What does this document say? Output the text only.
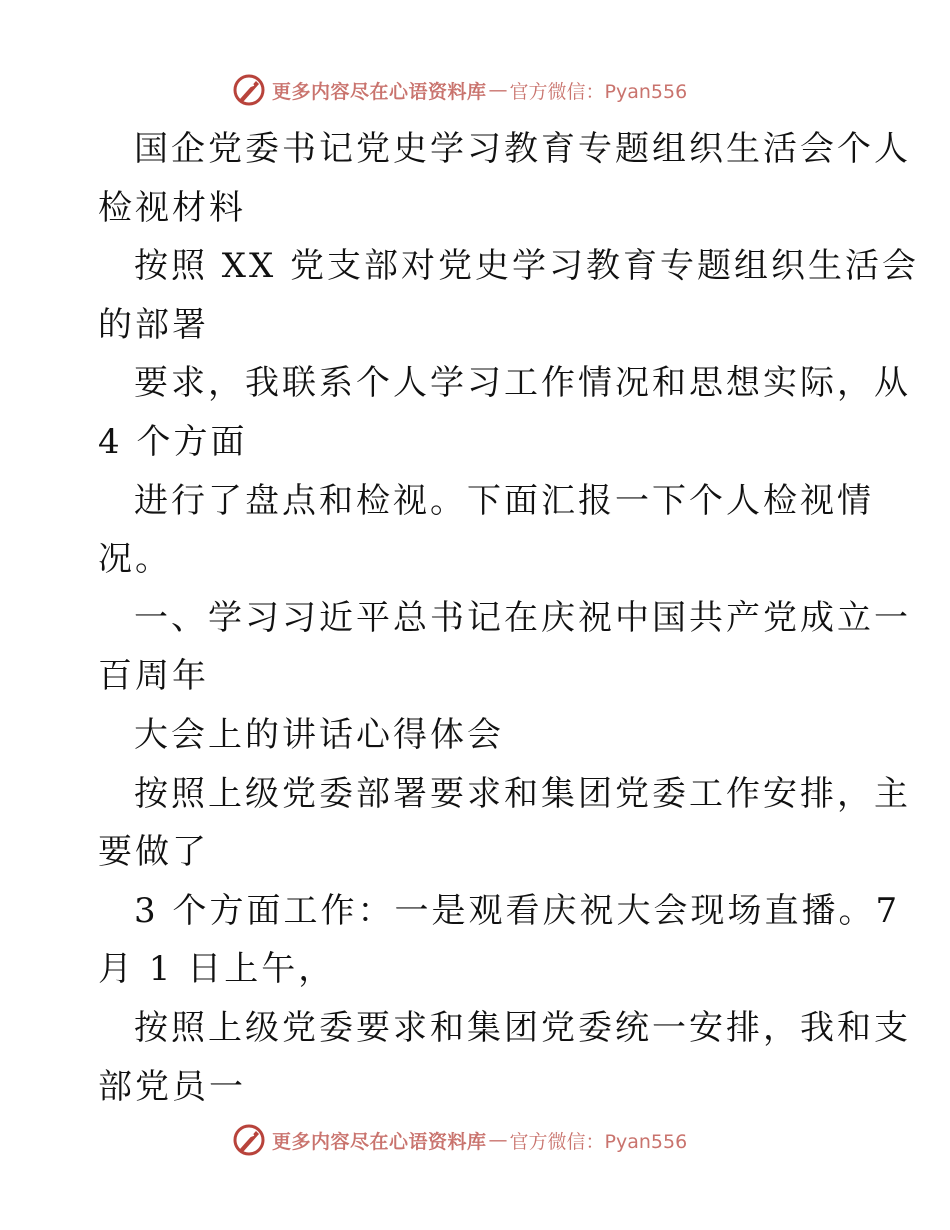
更多内容尽在心语资料库 — 官方微信：Pyan556
国企党委书记党史学习教育专题组织生活会个人
检视材料
按照 XX 党支部对党史学习教育专题组织生活会
的部署
要求，我联系个人学习工作情况和思想实际，从
4 个方面
进行了盘点和检视。下面汇报一下个人检视情
况。
一、学习习近平总书记在庆祝中国共产党成立一
百周年
大会上的讲话心得体会
按照上级党委部署要求和集团党委工作安排，主
要做了
3 个方面工作：一是观看庆祝大会现场直播。7
月 1 日上午，
按照上级党委要求和集团党委统一安排，我和支
部党员一
更多内容尽在心语资料库 — 官方微信：Pyan556
